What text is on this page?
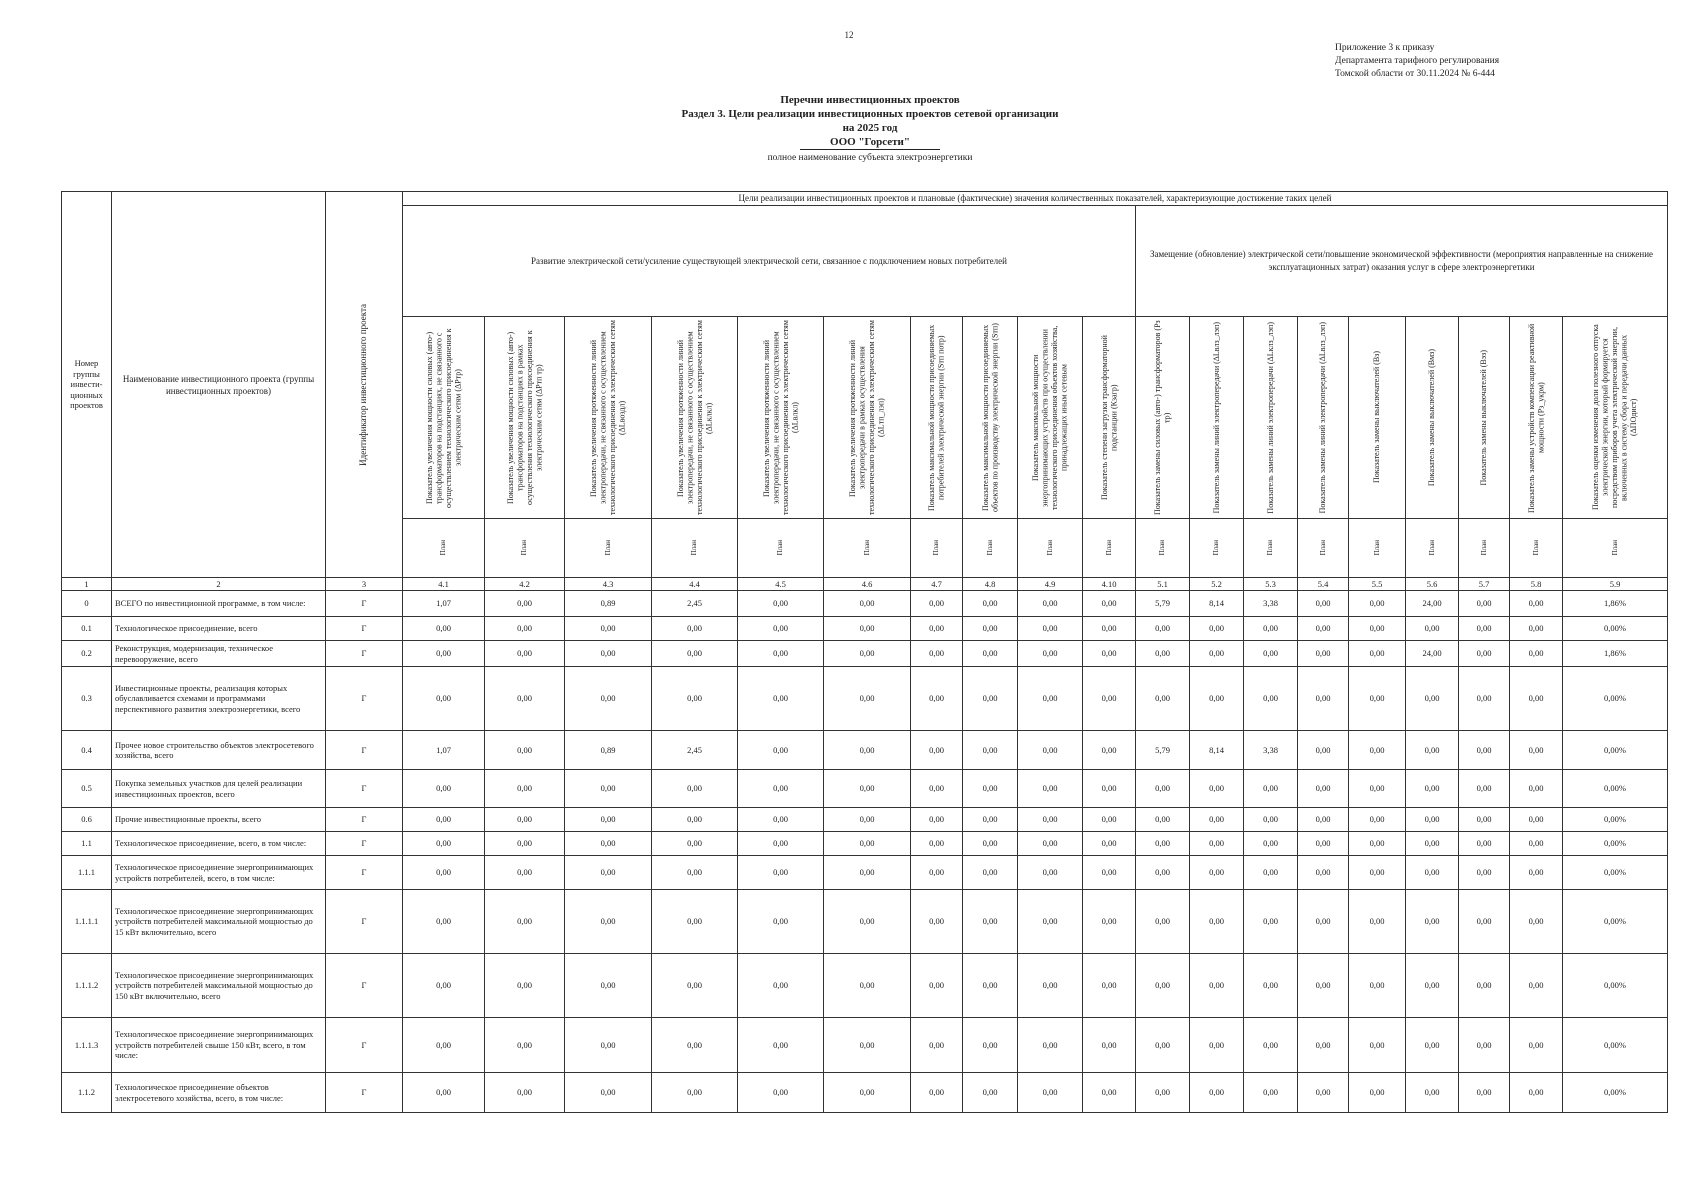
12
Приложение 3 к приказу
Департамента тарифного регулирования
Томской области от 30.11.2024 № 6-444
Перечни инвестиционных проектов
Раздел 3. Цели реализации инвестиционных проектов сетевой организации
на 2025 год
ООО "Горсети"
полное наименование субъекта электроэнергетики
Номер группы инвести-ционных проектов	Наименование инвестиционного проекта (группы инвестиционных проектов)	Идентификатор инвестиционного проекта	Цели реализации инвестиционных проектов и плановые (фактические) значения количественных показателей, характеризующие достижение таких целей																		
			Развитие электрической сети/усиление существующей электрической сети, связанное с подключением новых потребителей										Замещение (обновление) электрической сети/повышение экономической эффективности (мероприятия направленные на снижение эксплуатационных затрат) оказания услуг в сфере электроэнергетики								

			Показатель увеличения мощности силовых (авто-) трансформаторов на подстанциях, не связанного с осуществлением технологического присоединения к электрическим сетям (ΔPтр)	Показатель увеличения мощности силовых (авто-) трансформаторов на подстанциях в рамках осуществления технологического присоединения к электрическим сетям (ΔPтп тр)	Показатель увеличения протяженности линий электропередачи, не связанного с осуществлением технологического присоединения к электрическим сетям (ΔLвоздл)	Показатель увеличения протяженности линий электропередачи, не связанного с осуществлением технологического присоединения к электрическим сетям (ΔLклкл)	Показатель увеличения протяженности линий электропередачи, не связанного с осуществлением технологического присоединения к электрическим сетям (ΔLвлкл)	Показатель увеличения протяженности линий электропередачи в рамках осуществления технологического присоединения к электрическим сетям (ΔLтп_лэп)	Показатель максимальной мощности присоединяемых потребителей электрической энергии (Sтп потр)	Показатель максимальной мощности присоединяемых объектов по производству электрической энергии (Sтп)	Показатель максимальной мощности энергопринимающих устройств при осуществлении технологического присоединения объектов хозяйства, принадлежащих иным сетевым	Показатель степени загрузки трансформаторной подстанции (Кзагр)	Показатель замены силовых (авто-) трансформаторов (Pз тр)	Показатель замены линий электропередачи (ΔLвлз_лэп)	Показатель замены линий электропередачи (ΔLклз_лэп)	Показатель замены линий электропередачи (ΔLвлз_лэп)	Показатель замены выключателей (Вз)	Показатель замены выключателей (Вмз)	Показатель замены выключателей (Вэз)	Показатель замены устройств компенсации реактивной мощности (Рз_укрм)	Показатель оценки изменения доли полезного отпуска электрической энергии, который формируется посредством приборов учета электрической энергии, включенных в систему сбора и передачи данных (ΔПОдист)

			План	План	План	План	План	План	План	План	План	План	План	План	План	План	План	План	План	План	План

1	2	3	4.1	4.2	4.3	4.4	4.5	4.6	4.7	4.8	4.9	4.10	5.1	5.2	5.3	5.4	5.5	5.6	5.7	5.8	5.9
0	ВСЕГО по инвестиционной программе, в том числе:	Г	1,07	0,00	0,89	2,45	0,00	0,00	0,00	0,00	0,00	0,00	5,79	8,14	3,38	0,00	0,00	24,00	0,00	0,00	1,86%
0.1	Технологическое присоединение, всего	Г	0,00	0,00	0,00	0,00	0,00	0,00	0,00	0,00	0,00	0,00	0,00	0,00	0,00	0,00	0,00	0,00	0,00	0,00	0,00%
0.2	Реконструкция, модернизация, техническое перевооружение, всего	Г	0,00	0,00	0,00	0,00	0,00	0,00	0,00	0,00	0,00	0,00	0,00	0,00	0,00	0,00	0,00	24,00	0,00	0,00	1,86%
0.3	Инвестиционные проекты, реализация которых обуславливается схемами и программами перспективного развития электроэнергетики, всего	Г	0,00	0,00	0,00	0,00	0,00	0,00	0,00	0,00	0,00	0,00	0,00	0,00	0,00	0,00	0,00	0,00	0,00	0,00	0,00%
0.4	Прочее новое строительство объектов электросетевого хозяйства, всего	Г	1,07	0,00	0,89	2,45	0,00	0,00	0,00	0,00	0,00	0,00	5,79	8,14	3,38	0,00	0,00	0,00	0,00	0,00	0,00%
0.5	Покупка земельных участков для целей реализации инвестиционных проектов, всего	Г	0,00	0,00	0,00	0,00	0,00	0,00	0,00	0,00	0,00	0,00	0,00	0,00	0,00	0,00	0,00	0,00	0,00	0,00	0,00%
0.6	Прочие инвестиционные проекты, всего	Г	0,00	0,00	0,00	0,00	0,00	0,00	0,00	0,00	0,00	0,00	0,00	0,00	0,00	0,00	0,00	0,00	0,00	0,00	0,00%
1.1	Технологическое присоединение, всего, в том числе:	Г	0,00	0,00	0,00	0,00	0,00	0,00	0,00	0,00	0,00	0,00	0,00	0,00	0,00	0,00	0,00	0,00	0,00	0,00	0,00%
1.1.1	Технологическое присоединение энергопринимающих устройств потребителей, всего, в том числе:	Г	0,00	0,00	0,00	0,00	0,00	0,00	0,00	0,00	0,00	0,00	0,00	0,00	0,00	0,00	0,00	0,00	0,00	0,00	0,00%
1.1.1.1	Технологическое присоединение энергопринимающих устройств потребителей максимальной мощностью до 15 кВт включительно, всего	Г	0,00	0,00	0,00	0,00	0,00	0,00	0,00	0,00	0,00	0,00	0,00	0,00	0,00	0,00	0,00	0,00	0,00	0,00	0,00%
1.1.1.2	Технологическое присоединение энергопринимающих устройств потребителей максимальной мощностью до 150 кВт включительно, всего	Г	0,00	0,00	0,00	0,00	0,00	0,00	0,00	0,00	0,00	0,00	0,00	0,00	0,00	0,00	0,00	0,00	0,00	0,00	0,00%
1.1.1.3	Технологическое присоединение энергопринимающих устройств потребителей свыше 150 кВт, всего, в том числе:	Г	0,00	0,00	0,00	0,00	0,00	0,00	0,00	0,00	0,00	0,00	0,00	0,00	0,00	0,00	0,00	0,00	0,00	0,00	0,00%
1.1.2	Технологическое присоединение объектов электросетевого хозяйства, всего, в том числе:	Г	0,00	0,00	0,00	0,00	0,00	0,00	0,00	0,00	0,00	0,00	0,00	0,00	0,00	0,00	0,00	0,00	0,00	0,00	0,00%
